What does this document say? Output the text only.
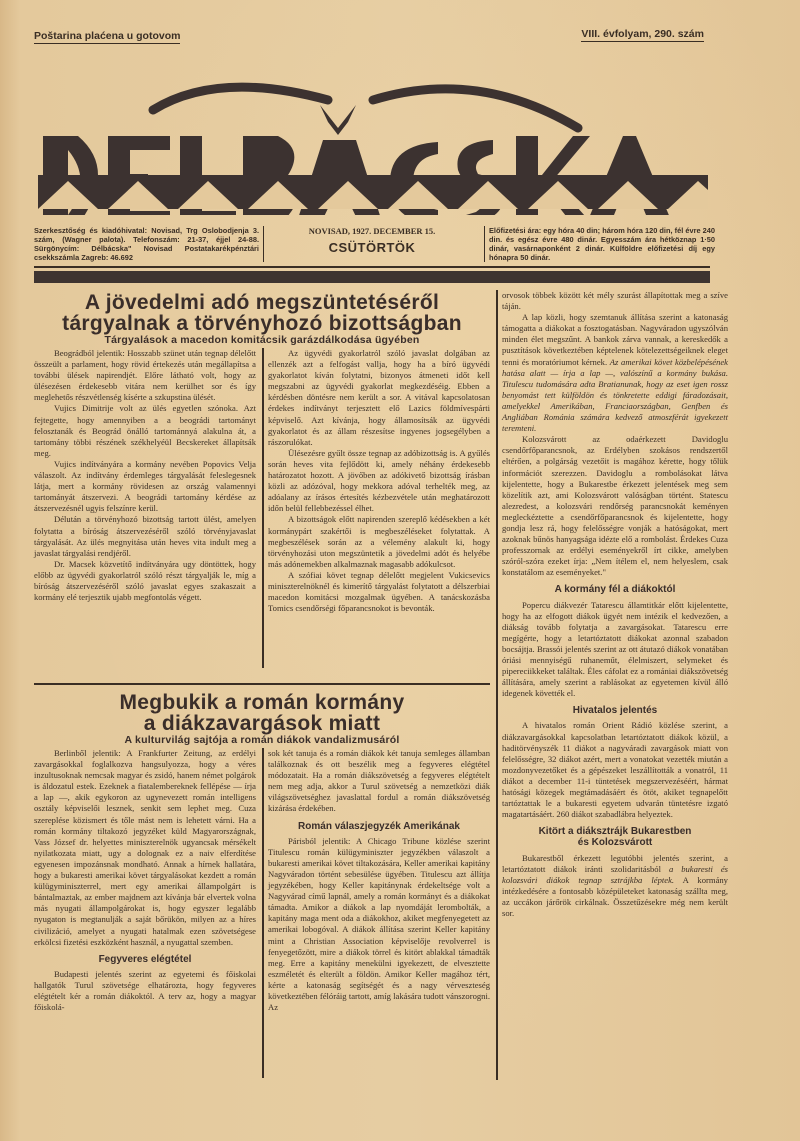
Poštarina plaćena u gotovom	VIII. évfolyam, 290. szám
Szerkesztőség és kiadóhivatal: Novisad, Trg Oslobodjenja 3. szám, (Wagner palota). Telefonszám: 21-37, éjjel 24-88. Sürgönycím: Délbácska" Novisad Postatakarékpénztári csekkszámla Zagreb: 46.692
NOVISAD, 1927. DECEMBER 15.
CSÜTÖRTÖK
Előfizetési ára: egy hóra 40 din; három hóra 120 din, fél évre 240 din. és egész évre 480 dinár. Egyesszám ára hétköznap 1·50 dinár, vasárnaponként 2 dinár. Külföldre előfizetési díj egy hónapra 50 dinár.
A jövedelmi adó megszüntetéséről
tárgyalnak a törvényhozó bizottságban
Tárgyalások a macedon komitácsik garázdálkodása ügyében

Beográdból jelentik: Hosszabb szünet után tegnap délelőtt összeült a parlament, hogy rövid értekezés után megállapítsa a további ülések napirendjét. Előre látható volt, hogy az ülésezésen érdekesebb vitára nem kerülhet sor és így meglehetős részvétlenség kísérte a szkupstina ülését.

Vujics Dimitrije volt az ülés egyetlen szónoka. Azt fejtegette, hogy amennyiben a a beográdi tartományt felosztanák és Beográd önálló tartománnyá alakulna át, a tartomány többi részének székhelyéül Becskereket állapítsák meg.

Vujics indítványára a kormány nevében Popovics Velja válaszolt. Az indítvány érdemleges tárgyalását feleslegesnek látja, mert a kormány rövidesen az ország valamennyi tartományát átszervezi. A beográdi tartomány kérdése az átszervezésnél ugyis felszínre kerül.

Délután a törvényhozó bizottság tartott ülést, amelyen folytatta a bíróság átszervezéséről szóló törvényjavaslat tárgyalását. Az ülés megnyitása után heves vita indult meg a javaslat tárgyalási rendjéről.

Dr. Macsek közvetítő indítványára ugy döntöttek, hogy előbb az ügyvédi gyakorlatról szóló részt tárgyalják le, míg a bíróság átszervezéséről szóló javaslat egyes szakaszait a kormány elé terjesztik ujabb megfontolás végett.

Az ügyvédi gyakorlatról szóló javaslat dolgában az ellenzék azt a felfogást vallja, hogy ha a bíró ügyvédi gyakorlatot kíván folytatni, bizonyos átmeneti időt kell megszabni az ügyvédi gyakorlat megkezdéséig. Ebben a kérdésben döntésre nem került a sor. A vitával kapcsolatosan érdekes indítványt terjesztett elő Lazics földmívespárti képviselő. Azt kívánja, hogy államosítsák az ügyvédi gyakorlatot és az állam részesítse ingyenes jogsegélyben a rászorulókat.

Ülésezésre gyűlt össze tegnap az adóbizottság is. A gyűlés során heves vita fejlődött ki, amely néhány érdekesebb határozatot hozott. A jövőben az adókivető bizottság írásban közli az adózóval, hogy mekkora adóval terhelték meg, az adóalany az írásos értesítés kézbezvétele után meghatározott időn belül fellebbezéssel élhet.

A bizottságok előtt napirenden szereplő kédésekben a két kormánypárt szakértői is megbeszéléseket folytattak. A megbeszélések során az a vélemény alakult ki, hogy törvényhozási uton megszüntetik a jövedelmi adót és helyébe más adónemekben alkalmaznak magasabb adókulcsot.

A szófiai követ tegnap délelőtt megjelent Vukicsevics miniszterelnöknél és kimerítő tárgyalást folytatott a délszerbiai macedon komitácsi mozgalmak ügyében. A tanácskozásba Tomics csendőrségi főparancsnokot is bevonták.

Megbukik a román kormány
a diákzavargások miatt
A kulturvilág sajtója a román diákok vandalizmusáról

Berlinből jelentik: A Frankfurter Zeitung, az erdélyi zavargásokkal foglalkozva hangsulyozza, hogy a véres inzultusoknak nemcsak magyar és zsidó, hanem német polgárok is áldozatul estek. Ezeknek a fiatalembereknek fellépése — írja a lap —, akik egykoron az ugynevezett román intelligens osztály képviselői lesznek, senkit sem lephet meg. Cuza szereplése közismert és tőle mást nem is lehetett várni. Ha a román kormány tiltakozó jegyzéket küld Magyarországnak, Vass József dr. helyettes miniszterelnök ugyancsak mérsékelt nyilatkozata miatt, ugy a dolognak ez a naiv elferdítése egyenesen impozánsnak mondható. Annak a hírnek hallatára, hogy a bukaresti amerikai követ tárgyalásokat kezdett a román külügyminiszterrel, mert egy amerikai állampolgárt is bántalmaztak, az ember majdnem azt kívánja bár elvertek volna más nyugati állampolgárokat is, hogy egyszer legalább nyugaton is megtanulják a saját bőrükön, milyen az a híres civilizáció, amelyet a nyugati hatalmak ezen szövetségese erkölcsi fizetési eszközként használ, a nyugattal szemben.

Fegyveres elégtétel

Budapesti jelentés szerint az egyetemi és főiskolai hallgatók Turul szövetsége elhatározta, hogy fegyveres elégtételt kér a román diákoktól. A terv az, hogy a magyar főiskolá-

sok két tanuja és a román diákok két tanuja semleges államban találkoznak és ott beszélik meg a fegyveres elégtétel módozatait. Ha a román diákszövetség a fegyveres elégtételt nem meg adja, akkor a Turul szövetség a nemzetközi diák világszövetséghez javaslattal fordul a román diákszövetség kizárása érdekében.

Román válaszjegyzék Amerikának

Párisból jelentik: A Chicago Tribune közlése szerint Titulescu román külügyminiszter jegyzékben válaszolt a bukaresti amerikai követ tiltakozására, Keller amerikai kapitány Nagyváradon történt sebesülése ügyében. Titulescu azt állítja jegyzékében, hogy Keller kapitánynak érdekeltsége volt a Nagyvárad című lapnál, amely a román kormányt és a diákokat támadta. Amikor a diákok a lap nyomdáját lerombolták, a kapitány maga ment oda a diákokhoz, akiket megfenyegetett az amerikai lobogóval. A diákok állítása szerint Keller kapitány mint a Christian Association képviselője revolverrel is fenyegetőzött, mire a diákok törrel és kitört ablakkal támadták meg. Erre a kapitány menekülni igyekezett, de elvesztette eszméletét és elterült a földön. Amikor Keller magához tért, kérte a katonaság segítségét és a nagy vérveszteség következtében félóráig tartott, amíg lakására tudott vánszorogni. Az

orvosok többek között két mély szurást állapítottak meg a szíve táján.

A lap közli, hogy szemtanuk állítása szerint a katonaság támogatta a diákokat a fosztogatásban. Nagyváradon ugyszólván minden élet megszűnt. A bankok zárva vannak, a kereskedők a pusztítások következtében képtelenek kötelezettségeiknek eleget tenni és moratóriumot kérnek. Az amerikai követ közbelépésének hatása alatt — írja a lap —, valószínű a kormány bukása. Titulescu tudomására adta Bratianunak, hogy az eset igen rossz benyomást tett külföldön és tönkretette eddigi fáradozásait, amelyekkel Amerikában, Franciaországban, Genfben és Angliában Románia számára kedvező atmoszférát igyekezett teremteni.

Kolozsvárott az odaérkezett Davidoglu csendőrfőparancsnok, az Erdélyben szokásos rendszertől eltérően, a polgárság vezetőit is magához kérette, hogy tőlük információt szerezzen. Davidoglu a rombolásokat látva kijelentette, hogy a Bukarestbe érkezett jelentések meg sem közelítik azt, ami Kolozsvárott valóságban történt. Statescu alezredest, a kolozsvári rendőrség parancsnokát keményen megleckéztette a csendőrfőparancsnok és kijelentette, hogy gondja lesz rá, hogy felelősségre vonják a hatóságokat, mert azoknak bűnös hanyagsága idézte elő a rombolást. Érdekes Cuza professzornak az erdélyi eseményekről írt cikke, amelyben szóról-szóra ezeket írja: „Nem ítélem el, nem helyeslem, csak konstatálom az eseményeket."

A kormány fél a diákoktól

Popercu diákvezér Tatarescu államtitkár előtt kijelentette, hogy ha az elfogott diákok ügyét nem intézik el kedvezően, a diákság tovább folytatja a zavargásokat. Tatarescu erre megígérte, hogy a letartóztatott diákokat azonnal szabadon bocsájtja. Brassói jelentés szerint az ott átutazó diákok vonatában óriási mennyiségű ruhaneműt, élelmiszert, selymeket és pipereciikkeket találtak. Éles cáfolat ez a romániai diákszövetség állítására, amely szerint a rablásokat az egyetemen kívül álló idegenek követték el.

Hivatalos jelentés

A hivatalos román Orient Rádió közlése szerint, a diákzavargásokkal kapcsolatban letartóztatott diákok közül, a haditörvényszék 11 diákot a nagyváradi zavargások miatt von felelősségre, 32 diákot azért, mert a vonatokat vezették miután a mozdonyvezetőket és a gépészeket leszállították a vonatról, 11 diákot a december 11-i tüntetések megszervezéséért, hármat hatósági közegek megtámadásáért és ötöt, akiket tegnapelőtt tartóztattak le a bukaresti egyetem udvarán tüntetésre izgató magatartásáért. 260 diákot szabadlábra helyeztek.

Kitört a diáksztrájk Bukarestben
és Kolozsvárott

Bukarestből érkezett legutóbbi jelentés szerint, a letartóztatott diákok iránti szolidaritásból a bukaresti és kolozsvári diákok tegnap sztrájkba léptek. A kormány intézkedésére a fontosabb középületeket katonaság szállta meg, az uccákon járőrök cirkálnak. Összetűzésekre még nem került sor.
